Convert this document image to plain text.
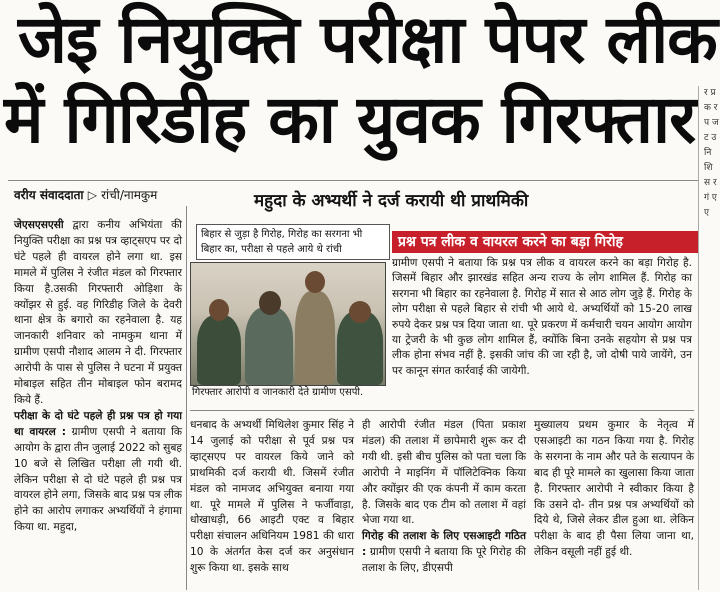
जेइ नियुक्ति परीक्षा पेपर लीक
में गिरिडीह का युवक गिरफ्तार
वरीय संवाददाता ▷ रांची/नामकुम	महुदा के अभ्यर्थी ने दर्ज करायी थी प्राथमिकी

जेएसएसएसी द्वारा कनीय अभियंता की नियुक्ति परीक्षा का प्रश्न पत्र व्हाट्सएप पर दो घंटे पहले ही वायरल होने लगा था. इस मामले में पुलिस ने रंजीत मंडल को गिरफ्तार किया है.उसकी गिरफ्तारी ओड़िशा के क्योंझर से हुई. वह गिरिडीह जिले के देवरी थाना क्षेत्र के बगारो का रहनेवाला है. यह जानकारी शनिवार को नामकुम थाना में ग्रामीण एसपी नौशाद आलम ने दी. गिरफ्तार आरोपी के पास से पुलिस ने घटना में प्रयुक्त मोबाइल सहित तीन मोबाइल फोन बरामद किये हैं.

परीक्षा के दो घंटे पहले ही प्रश्न पत्र हो गया था वायरल : ग्रामीण एसपी ने बताया कि आयोग के द्वारा तीन जुलाई 2022 को सुबह 10 बजे से लिखित परीक्षा ली गयी थी. लेकिन परीक्षा से दो घंटे पहले ही प्रश्न पत्र वायरल होने लगा, जिसके बाद प्रश्न पत्र लीक होने का आरोप लगाकर अभ्यर्थियों ने हंगामा किया था. महुदा,

बिहार से जुड़ा है गिरोह, गिरोह का सरगना भी बिहार का, परीक्षा से पहले आये थे रांची
गिरफ्तार आरोपी व जानकारी देते ग्रामीण एसपी.
प्रश्न पत्र लीक व वायरल करने का बड़ा गिरोह
ग्रामीण एसपी ने बताया कि प्रश्न पत्र लीक व वायरल करने का बड़ा गिरोह है. जिसमें बिहार और झारखंड सहित अन्य राज्य के लोग शामिल हैं. गिरोह का सरगना भी बिहार का रहनेवाला है. गिरोह में सात से आठ लोग जुड़े हैं. गिरोह के लोग परीक्षा से पहले बिहार से रांची भी आये थे. अभ्यर्थियों को 15-20 लाख रुपये देकर प्रश्न पत्र दिया जाता था. पूरे प्रकरण में कर्मचारी चयन आयोग आयोग या ट्रेजरी के भी कुछ लोग शामिल हैं, क्योंकि बिना उनके सहयोग से प्रश्न पत्र लीक होना संभव नहीं है. इसकी जांच की जा रही है, जो दोषी पाये जायेंगे, उन पर कानून संगत कार्रवाई की जायेगी.

धनबाद के अभ्यर्थी मिथिलेश कुमार सिंह ने 14 जुलाई को परीक्षा से पूर्व प्रश्न पत्र व्हाट्सएप पर वायरल किये जाने को प्राथमिकी दर्ज करायी थी. जिसमें रंजीत मंडल को नामजद अभियुक्त बनाया गया था. पूरे मामले में पुलिस ने फर्जीवाड़ा, धोखाधड़ी, 66 आइटी एक्ट व बिहार परीक्षा संचालन अधिनियम 1981 की धारा 10 के अंतर्गत केस दर्ज कर अनुसंधान शुरू किया था. इसके साथ

ही आरोपी रंजीत मंडल (पिता प्रकाश मंडल) की तलाश में छापेमारी शुरू कर दी गयी थी. इसी बीच पुलिस को पता चला कि आरोपी ने माइनिंग में पॉलिटेक्निक किया और क्योंझर की एक कंपनी में काम करता है. जिसके बाद एक टीम को तलाश में वहां भेजा गया था.

गिरोह की तलाश के लिए एसआइटी गठित : ग्रामीण एसपी ने बताया कि पूरे गिरोह की तलाश के लिए, डीएसपी

मुख्यालय प्रथम कुमार के नेतृत्व में एसआइटी का गठन किया गया है. गिरोह के सरगना के नाम और पते के सत्यापन के बाद ही पूरे मामले का खुलासा किया जाता है. गिरफ्तार आरोपी ने स्वीकार किया है कि उसने दो- तीन प्रश्न पत्र अभ्यर्थियों को दिये थे, जिसे लेकर डील हुआ था. लेकिन परीक्षा के बाद ही पैसा लिया जाना था, लेकिन वसूली नहीं हुई थी.

र प्र क र प ज ट उ नि शि स र गं ए ए
